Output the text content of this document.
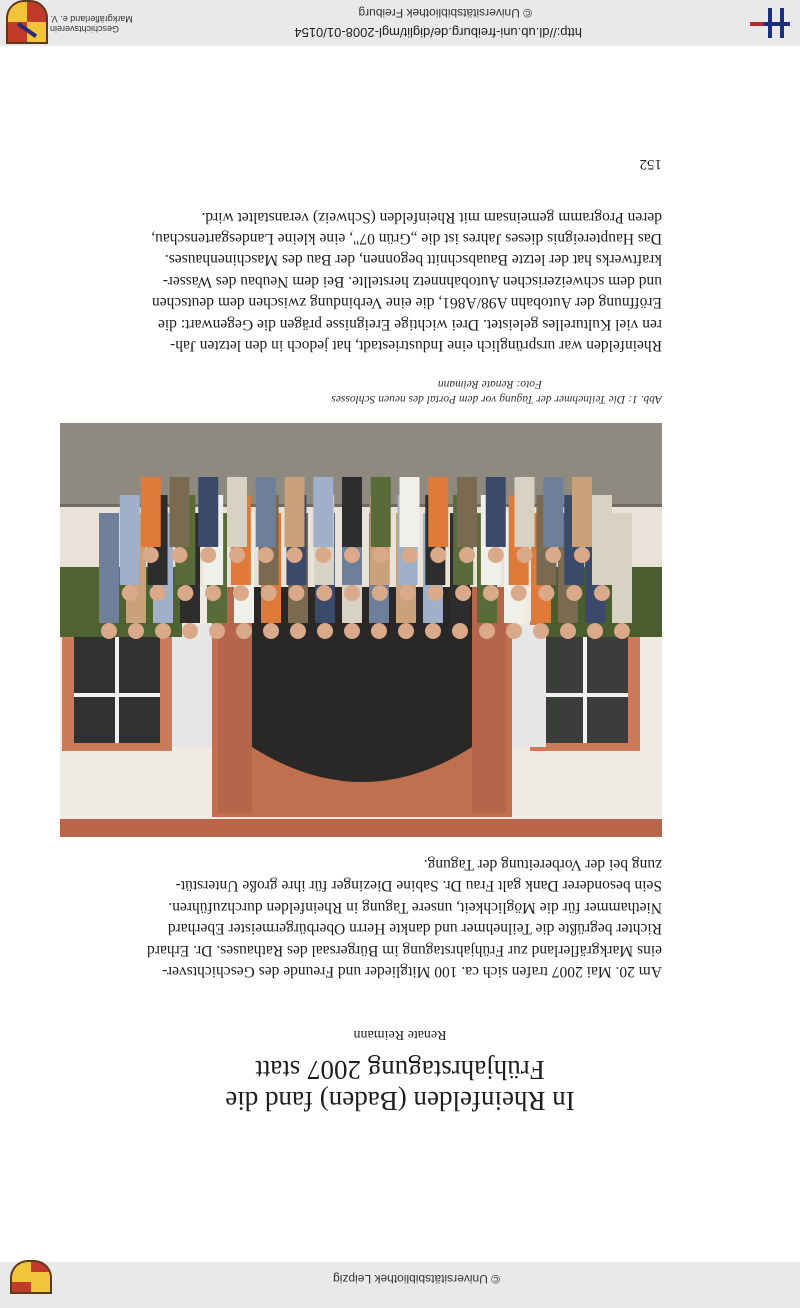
© Universitätsbibliothek Leipzig
In Rheinfelden (Baden) fand die
Frühjahrstagung 2007 statt
Renate Reimann
Am 20. Mai 2007 trafen sich ca. 100 Mitglieder und Freunde des Geschichtsver-
eins Markgräflerland zur Frühjahrstagung im Bürgersaal des Rathauses. Dr. Erhard
Richter begrüßte die Teilnehmer und dankte Herrn Oberbürgermeister Eberhard
Niethammer für die Möglichkeit, unsere Tagung in Rheinfelden durchzuführen.
Sein besonderer Dank galt Frau Dr. Sabine Diezinger für ihre große Unterstüt-
zung bei der Vorbereitung der Tagung.
Abb. 1: Die Teilnehmer der Tagung vor dem Portal des neuen Schlosses
Foto: Renate Reimann
Rheinfelden war ursprünglich eine Industriestadt, hat jedoch in den letzten Jah-
ren viel Kulturelles geleistet. Drei wichtige Ereignisse prägen die Gegenwart: die
Eröffnung der Autobahn A98/A861, die eine Verbindung zwischen dem deutschen
und dem schweizerischen Autobahnnetz herstellte. Bei dem Neubau des Wasser-
kraftwerks hat der letzte Bauabschnitt begonnen, der Bau des Maschinenhauses.
Das Hauptereignis dieses Jahres ist die „Grün 07", eine kleine Landesgartenschau,
deren Programm gemeinsam mit Rheinfelden (Schweiz) veranstaltet wird.
152
http://dl.ub.uni-freiburg.de/diglit/mgl-2008-01/0154
© Universitätsbibliothek Freiburg
Geschichtsverein
Markgräflerland e. V.
